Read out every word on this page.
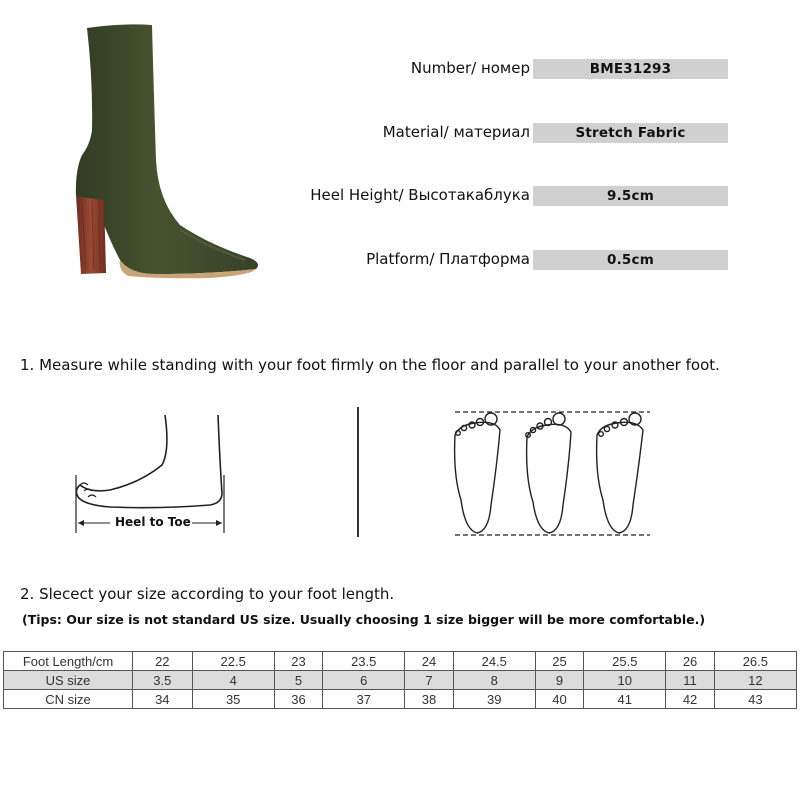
Number/ номер	BME31293
Material/ материал	Stretch Fabric
Heel Height/ Высотакаблука	9.5cm
Platform/ Платформа	0.5cm
1. Measure while standing with your foot firmly on the floor and parallel to your another foot.
Heel to Toe
2. Slecect your size according to your foot length.
(Tips: Our size is not standard US size. Usually choosing 1 size bigger will be more comfortable.)
Foot Length/cm	22	22.5	23	23.5	24	24.5	25	25.5	26	26.5
US size	3.5	4	5	6	7	8	9	10	11	12
CN size	34	35	36	37	38	39	40	41	42	43
